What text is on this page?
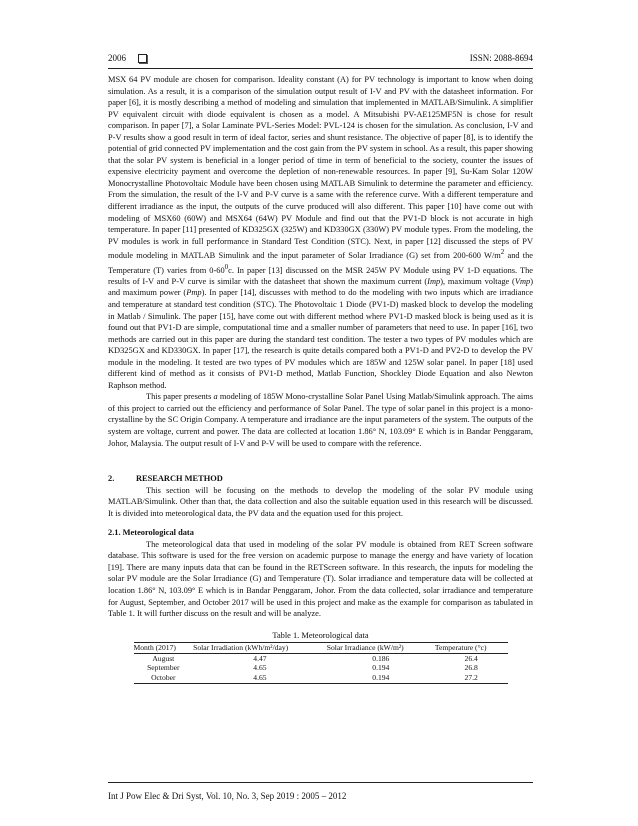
2006	ISSN: 2088-8694

MSX 64 PV module are chosen for comparison. Ideality constant (A) for PV technology is important to know when doing simulation. As a result, it is a comparison of the simulation output result of I-V and PV with the datasheet information. For paper [6], it is mostly describing a method of modeling and simulation that implemented in MATLAB/Simulink. A simplifier PV equivalent circuit with diode equivalent is chosen as a model. A Mitsubishi PV-AE125MF5N is chose for result comparison. In paper [7], a Solar Laminate PVL-Series Model: PVL-124 is chosen for the simulation. As conclusion, I-V and P-V results show a good result in term of ideal factor, series and shunt resistance. The objective of paper [8], is to identify the potential of grid connected PV implementation and the cost gain from the PV system in school. As a result, this paper showing that the solar PV system is beneficial in a longer period of time in term of beneficial to the society, counter the issues of expensive electricity payment and overcome the depletion of non-renewable resources. In paper [9], Su-Kam Solar 120W Monocrystalline Photovoltaic Module have been chosen using MATLAB Simulink to determine the parameter and efficiency. From the simulation, the result of the I-V and P-V curve is a same with the reference curve. With a different temperature and different irradiance as the input, the outputs of the curve produced will also different. This paper [10] have come out with modeling of MSX60 (60W) and MSX64 (64W) PV Module and find out that the PV1-D block is not accurate in high temperature. In paper [11] presented of KD325GX (325W) and KD330GX (330W) PV module types. From the modeling, the PV modules is work in full performance in Standard Test Condition (STC). Next, in paper [12] discussed the steps of PV module modeling in MATLAB Simulink and the input parameter of Solar Irradiance (G) set from 200-600 $W/m^2$ and the Temperature (T) varies from $0-60^0c$. In paper [13] discussed on the MSR 245W PV Module using PV 1-D equations. The results of I-V and P-V curve is similar with the datasheet that shown the maximum current (Imp), maximum voltage (Vmp) and maximum power (Pmp). In paper [14], discusses with method to do the modeling with two inputs which are irradiance and temperature at standard test condition (STC). The Photovoltaic 1 Diode (PV1-D) masked block to develop the modeling in Matlab / Simulink. The paper [15], have come out with different method where PV1-D masked block is being used as it is found out that PV1-D are simple, computational time and a smaller number of parameters that need to use. In paper [16], two methods are carried out in this paper are during the standard test condition. The tester a two types of PV modules which are KD325GX and KD330GX. In paper [17], the research is quite details compared both a PV1-D and PV2-D to develop the PV module in the modeling. It tested are two types of PV modules which are 185W and 125W solar panel. In paper [18] used different kind of method as it consists of PV1-D method, Matlab Function, Shockley Diode Equation and also Newton Raphson method.

This paper presents a modeling of 185W Mono-crystalline Solar Panel Using Matlab/Simulink approach. The aims of this project to carried out the efficiency and performance of Solar Panel. The type of solar panel in this project is a mono-crystalline by the SC Origin Company. A temperature and irradiance are the input parameters of the system. The outputs of the system are voltage, current and power. The data are collected at location 1.86° N, 103.09° E which is in Bandar Penggaram, Johor, Malaysia. The output result of I-V and P-V will be used to compare with the reference.

2.	RESEARCH METHOD

This section will be focusing on the methods to develop the modeling of the solar PV module using MATLAB/Simulink. Other than that, the data collection and also the suitable equation used in this research will be discussed. It is divided into meteorological data, the PV data and the equation used for this project.

2.1. Meteorological data

The meteorological data that used in modeling of the solar PV module is obtained from RET Screen software database. This software is used for the free version on academic purpose to manage the energy and have variety of location [19]. There are many inputs data that can be found in the RETScreen software. In this research, the inputs for modeling the solar PV module are the Solar Irradiance (G) and Temperature (T). Solar irradiance and temperature data will be collected at location 1.86° N, 103.09° E which is in Bandar Penggaram, Johor. From the data collected, solar irradiance and temperature for August, September, and October 2017 will be used in this project and make as the example for comparison as tabulated in Table 1. It will further discuss on the result and will be analyze.

Table 1. Meteorological data

Month (2017)	Solar Irradiation (kWh/m²/day)	Solar Irradiance (kW/m²)	Temperature (°c)
August	4.47	0.186	26.4
September	4.65	0.194	26.8
October	4.65	0.194	27.2
Int J Pow Elec & Dri Syst, Vol. 10, No. 3, Sep 2019 : 2005 – 2012
